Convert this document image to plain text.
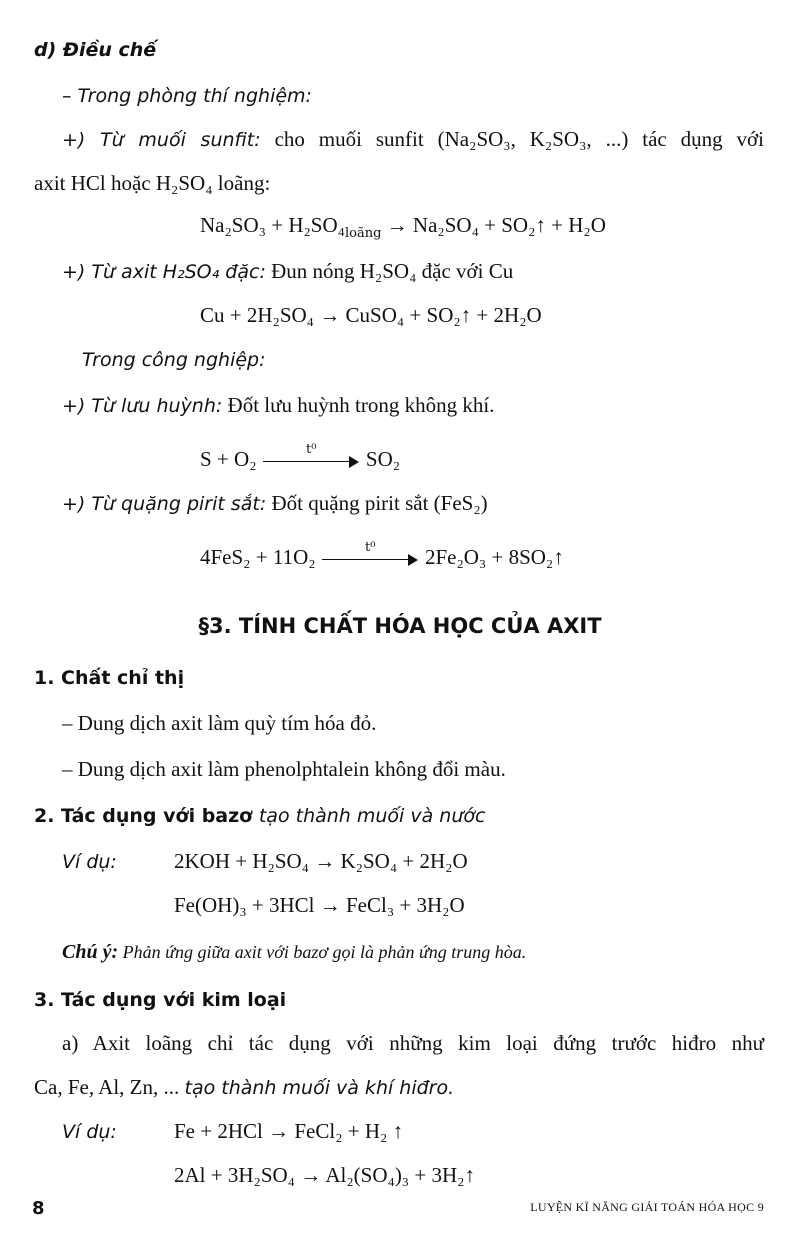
d) Điều chế
– Trong phòng thí nghiệm:
+) Từ muối sunfit: cho muối sunfit (Na₂SO₃, K₂SO₃, ...) tác dụng với
axit HCl hoặc H₂SO₄ loãng:
$Na_2SO_3 + H_2SO_4_{loãng} \to Na_2SO_4$ + SO₂↑ + H₂O
+) Từ axit H₂SO₄ đặc: Đun nóng H₂SO₄ đặc với Cu
Cu + 2H₂SO₄ → CuSO₄ + SO₂↑ + 2H₂O
Trong công nghiệp:
+) Từ lưu huỳnh: Đốt lưu huỳnh trong không khí.
S + O₂	t⁰	SO₂
+) Từ quặng pirit sắt: Đốt quặng pirit sắt (FeS₂)
4FeS₂ + 11O₂	t⁰	2Fe₂O₃ + 8SO₂↑
§3. TÍNH CHẤT HÓA HỌC CỦA AXIT
1. Chất chỉ thị
– Dung dịch axit làm quỳ tím hóa đỏ.
– Dung dịch axit làm phenolphtalein không đổi màu.
2. Tác dụng với bazơ tạo thành muối và nước
Ví dụ:	2KOH + H₂SO₄ → K₂SO₄ + 2H₂O
Fe(OH)₃ + 3HCl → FeCl₃ + 3H₂O
Chú ý: Phản ứng giữa axit với bazơ gọi là phản ứng trung hòa.
3. Tác dụng với kim loại
a) Axit loãng chỉ tác dụng với những kim loại đứng trước hiđro như
Ca, Fe, Al, Zn, ... tạo thành muối và khí hiđro.
Ví dụ:	Fe + 2HCl → FeCl₂ + H₂ ↑
2Al + 3H₂SO₄ → Al₂(SO₄)₃ + 3H₂↑
8	LUYỆN KĨ NĂNG GIẢI TOÁN HÓA HỌC 9
